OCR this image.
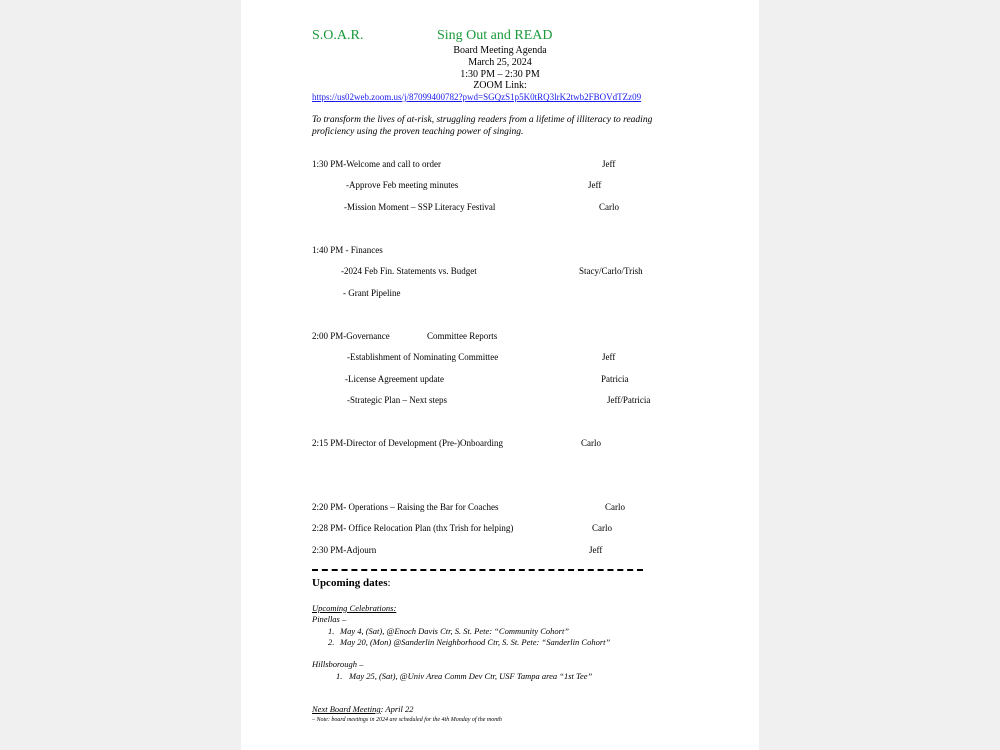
S.O.A.R.	Sing Out and READ
Board Meeting Agenda
March 25, 2024
1:30 PM – 2:30 PM
ZOOM Link:
https://us02web.zoom.us/j/87099400782?pwd=SGQzS1p5K0tRQ3lrK2twb2FBOVdTZz09
To transform the lives of at-risk, struggling readers from a lifetime of illiteracy to reading proficiency using the proven teaching power of singing.
1:30 PM-Welcome and call to order	Jeff
-Approve Feb meeting minutes	Jeff
-Mission Moment – SSP Literacy Festival	Carlo
1:40 PM - Finances
-2024 Feb Fin. Statements vs. Budget	Stacy/Carlo/Trish
- Grant Pipeline
2:00 PM-Governance	Committee Reports
-Establishment of Nominating Committee	Jeff
-License Agreement update	Patricia
-Strategic Plan – Next steps	Jeff/Patricia
2:15 PM-Director of Development (Pre-)Onboarding	Carlo
2:20 PM- Operations – Raising the Bar for Coaches	Carlo
2:28 PM- Office Relocation Plan (thx Trish for helping)	Carlo
2:30 PM-Adjourn	Jeff
Upcoming dates:
Upcoming Celebrations:
Pinellas –
1. May 4, (Sat), @Enoch Davis Ctr, S. St. Pete: “Community Cohort”
2. May 20, (Mon) @Sanderlin Neighborhood Ctr, S. St. Pete: “Sanderlin Cohort”
Hillsborough –
1. May 25, (Sat), @Univ Area Comm Dev Ctr, USF Tampa area “1st Tee”
Next Board Meeting: April 22
– Note: board meetings in 2024 are scheduled for the 4th Monday of the month
